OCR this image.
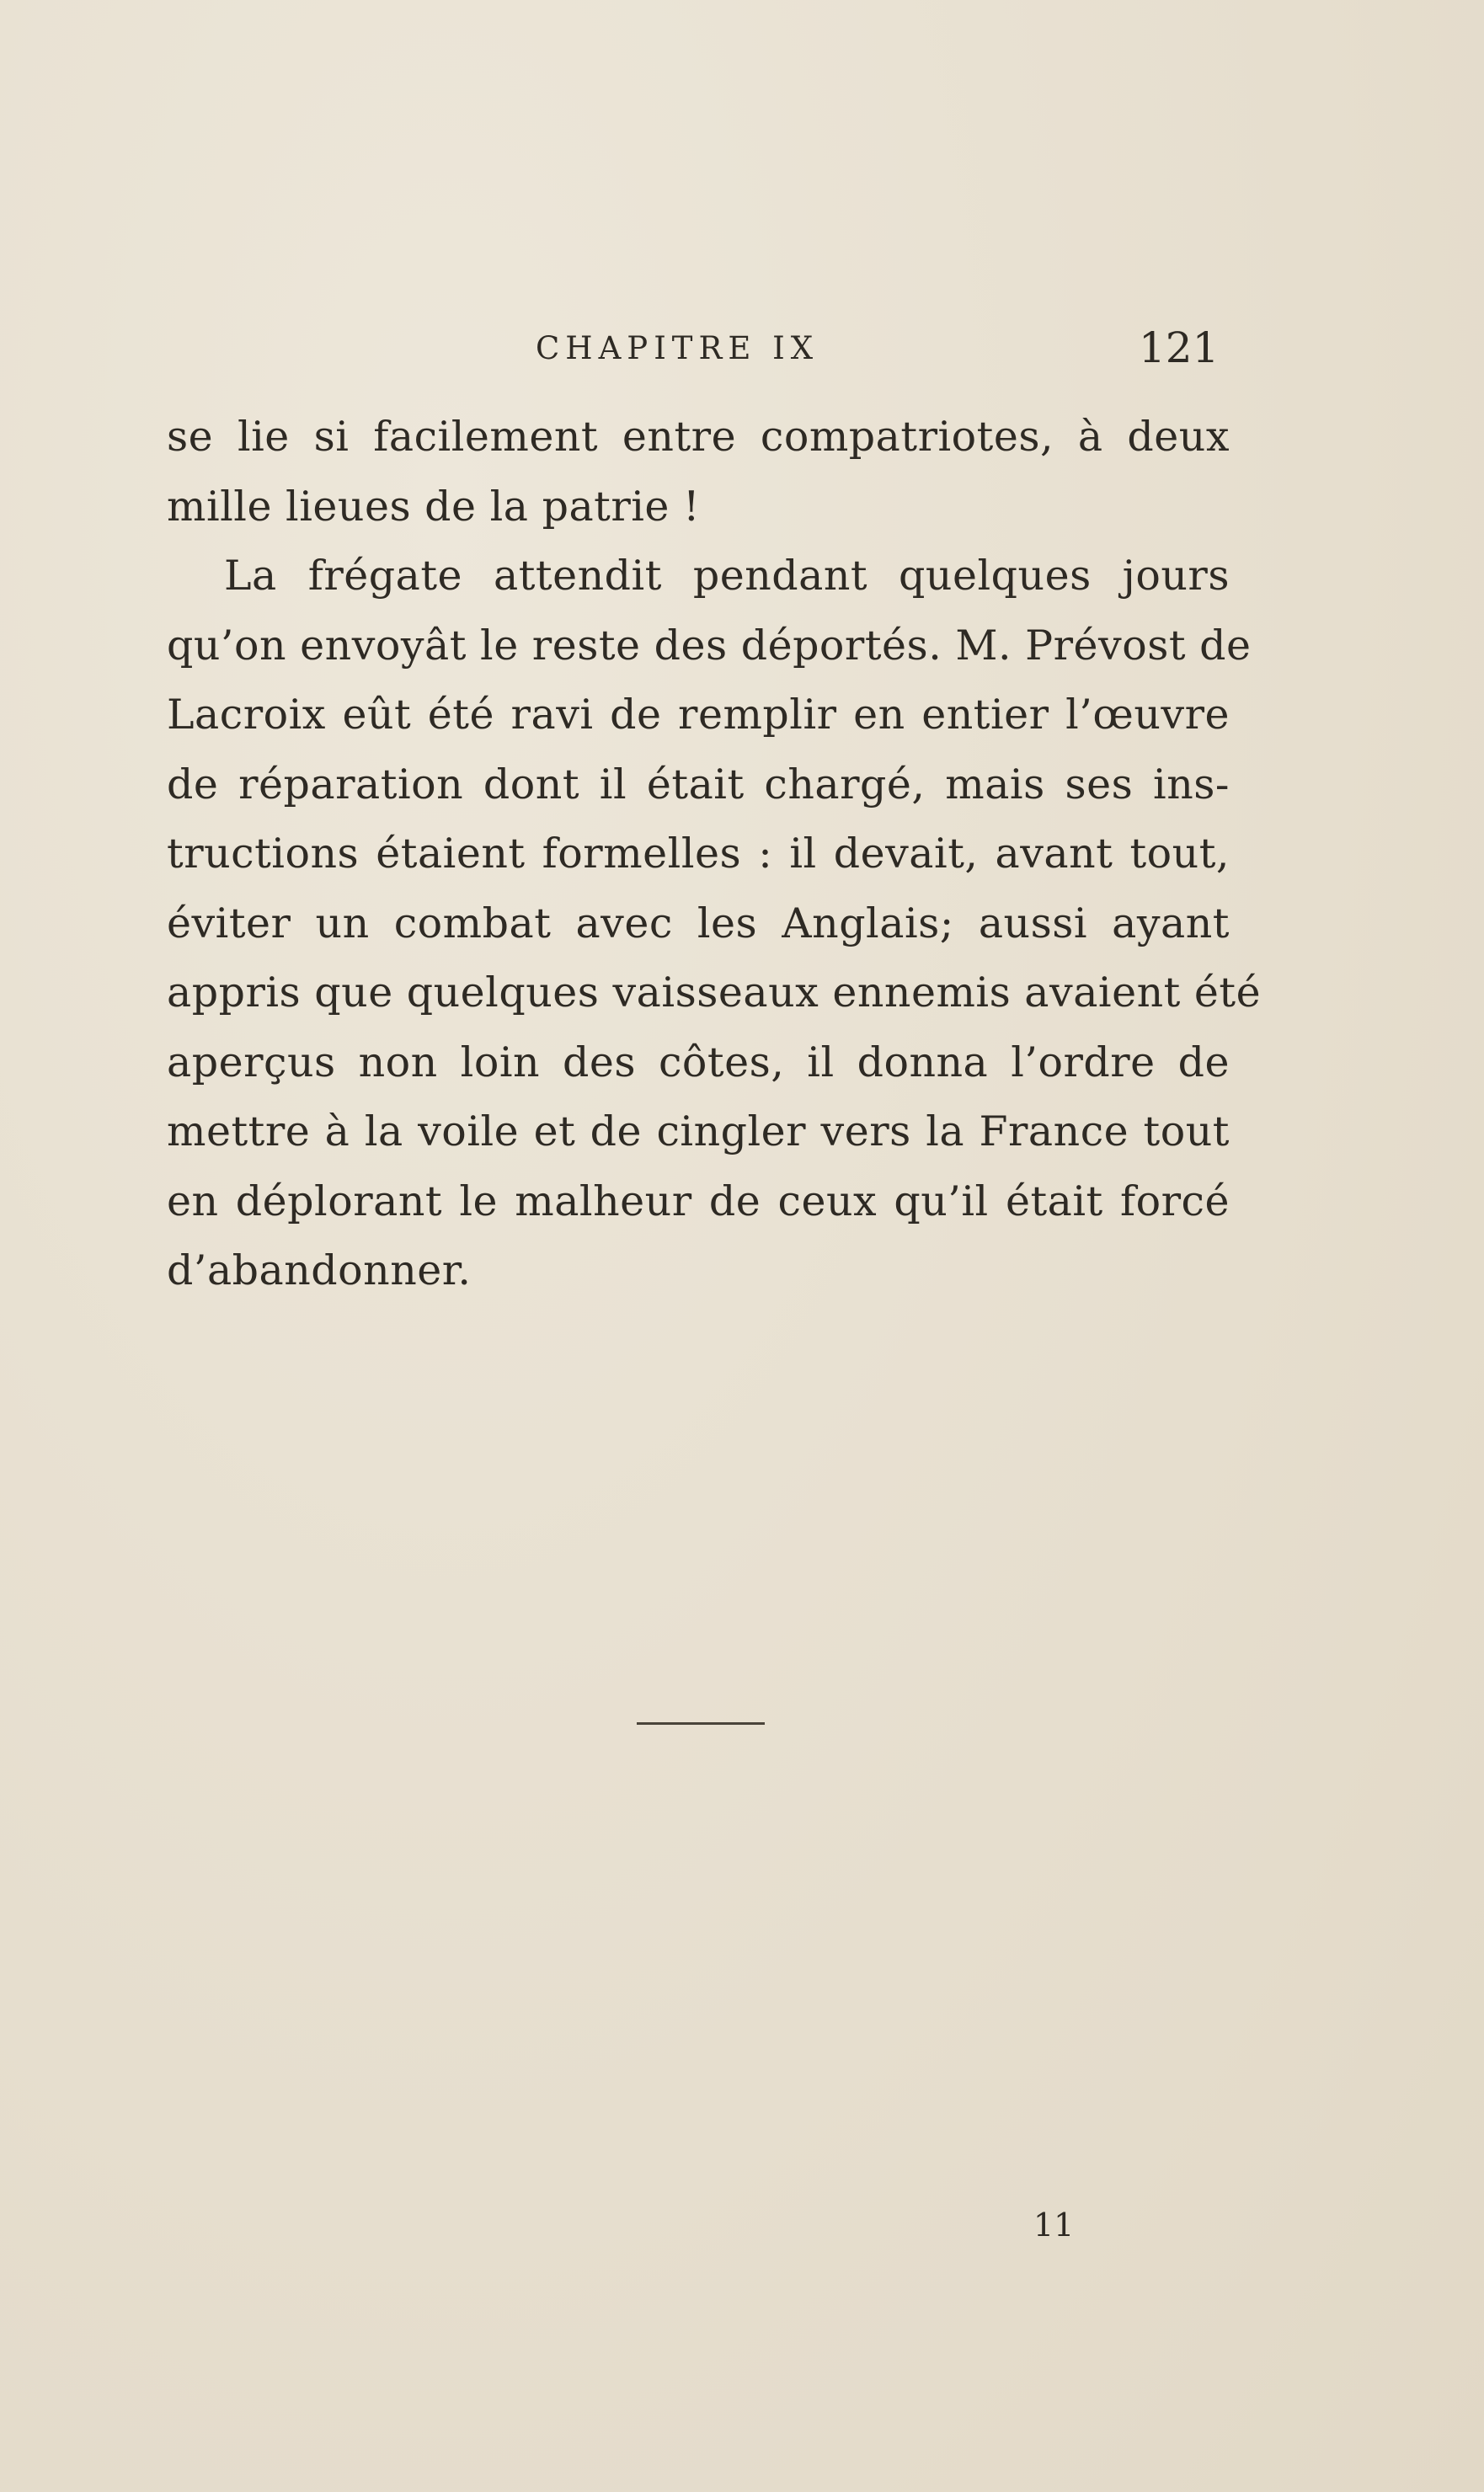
CHAPITRE IX	121
se lie si facilement entre compatriotes, à deux
mille lieues de la patrie !
La frégate attendit pendant quelques jours
qu’on envoyât le reste des déportés. M. Prévost de
Lacroix eût été ravi de remplir en entier l’œuvre
de réparation dont il était chargé, mais ses ins-
tructions étaient formelles : il devait, avant tout,
éviter un combat avec les Anglais; aussi ayant
appris que quelques vaisseaux ennemis avaient été
aperçus non loin des côtes, il donna l’ordre de
mettre à la voile et de cingler vers la France tout
en déplorant le malheur de ceux qu’il était forcé
d’abandonner.
11
